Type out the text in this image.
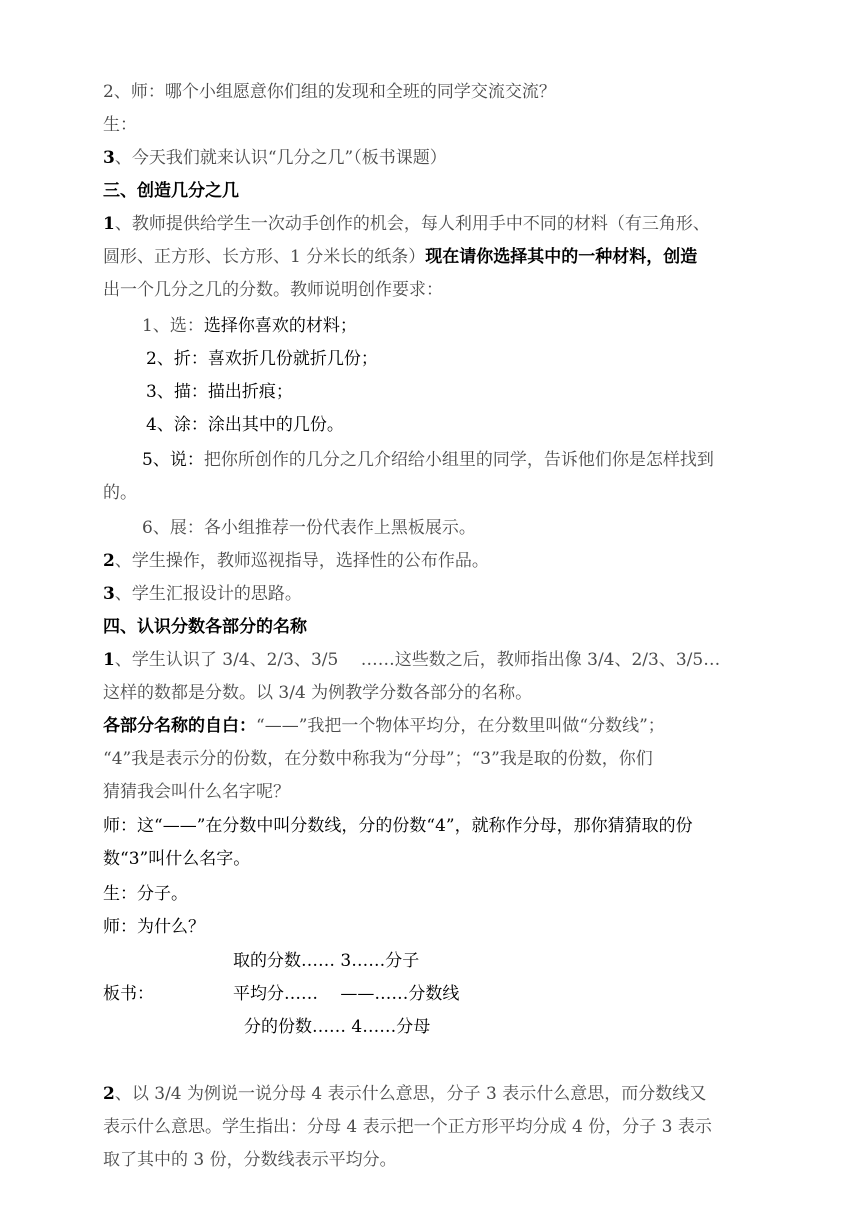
2、师：哪个小组愿意你们组的发现和全班的同学交流交流？
生：
3、今天我们就来认识“几分之几”（板书课题）
三、创造几分之几
1、教师提供给学生一次动手创作的机会，每人利用手中不同的材料（有三角形、
圆形、正方形、长方形、1 分米长的纸条）现在请你选择其中的一种材料，创造
出一个几分之几的分数。教师说明创作要求：
1、选：选择你喜欢的材料；
2、折：喜欢折几份就折几份；
3、描：描出折痕；
4、涂：涂出其中的几份。
5、说：把你所创作的几分之几介绍给小组里的同学，告诉他们你是怎样找到
的。
6、展：各小组推荐一份代表作上黑板展示。
2、学生操作，教师巡视指导，选择性的公布作品。
3、学生汇报设计的思路。
四、认识分数各部分的名称
1、学生认识了 3/4、2/3、3/5 　……这些数之后，教师指出像 3/4、2/3、3/5…
这样的数都是分数。以 3/4 为例教学分数各部分的名称。
各部分名称的自白：“——”我把一个物体平均分，在分数里叫做“分数线”；
“4”我是表示分的份数，在分数中称我为“分母”；“3”我是取的份数，你们
猜猜我会叫什么名字呢？
师：这“——”在分数中叫分数线，分的份数“4”，就称作分母，那你猜猜取的份
数“3”叫什么名字。
生：分子。
师：为什么？
取的分数…… 3……分子
板书：	平均分……　 ——……分数线
分的份数…… 4……分母
2、以 3/4 为例说一说分母 4 表示什么意思，分子 3 表示什么意思，而分数线又
表示什么意思。学生指出：分母 4 表示把一个正方形平均分成 4 份，分子 3 表示
取了其中的 3 份，分数线表示平均分。
